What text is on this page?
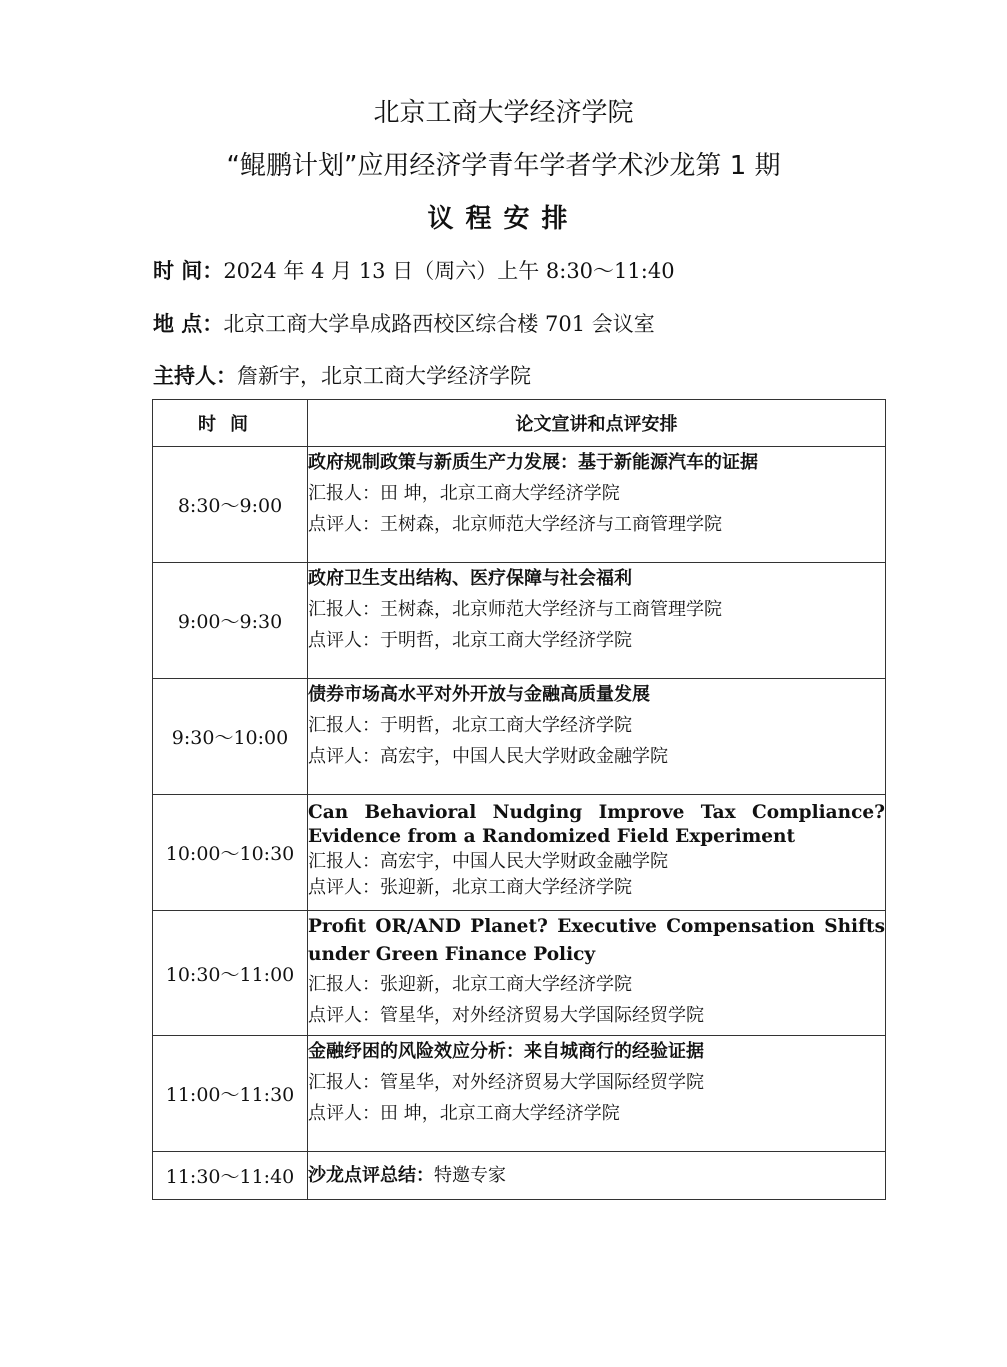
北京工商大学经济学院
“鲲鹏计划”应用经济学青年学者学术沙龙第 1 期
议程安排
时 间：2024 年 4 月 13 日（周六）上午 8:30～11:40
地 点：北京工商大学阜成路西校区综合楼 701 会议室
主持人：詹新宇，北京工商大学经济学院
时间	论文宣讲和点评安排
8:30～9:00	政府规制政策与新质生产力发展：基于新能源汽车的证据
汇报人：田 坤，北京工商大学经济学院
点评人：王树森，北京师范大学经济与工商管理学院

9:00～9:30	政府卫生支出结构、医疗保障与社会福利
汇报人：王树森，北京师范大学经济与工商管理学院
点评人：于明哲，北京工商大学经济学院

9:30～10:00	债券市场高水平对外开放与金融高质量发展
汇报人：于明哲，北京工商大学经济学院
点评人：高宏宇，中国人民大学财政金融学院

10:00～10:30	Can Behavioral Nudging Improve Tax Compliance? Evidence from a Randomized Field Experiment
汇报人：高宏宇，中国人民大学财政金融学院
点评人：张迎新，北京工商大学经济学院

10:30～11:00	Profit OR/AND Planet? Executive Compensation Shifts under Green Finance Policy
汇报人：张迎新，北京工商大学经济学院
点评人：管星华，对外经济贸易大学国际经贸学院

11:00～11:30	金融纾困的风险效应分析：来自城商行的经验证据
汇报人：管星华，对外经济贸易大学国际经贸学院
点评人：田 坤，北京工商大学经济学院

11:30～11:40	沙龙点评总结：特邀专家
